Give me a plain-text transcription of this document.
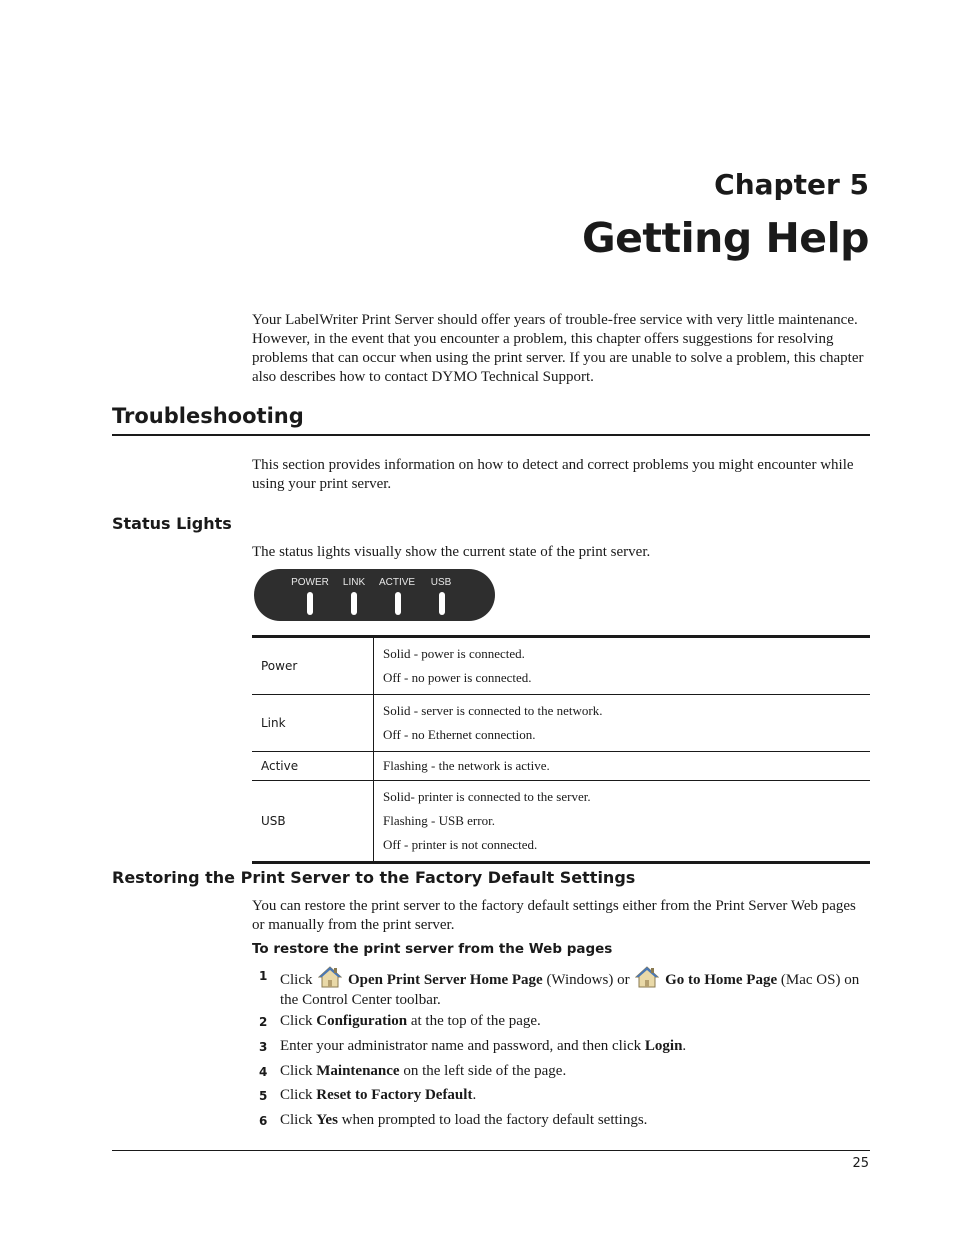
Chapter 5
Getting Help
Your LabelWriter Print Server should offer years of trouble-free service with very little maintenance. However, in the event that you encounter a problem, this chapter offers suggestions for resolving problems that can occur when using the print server. If you are unable to solve a problem, this chapter also describes how to contact DYMO Technical Support.
Troubleshooting
This section provides information on how to detect and correct problems you might encounter while using your print server.
Status Lights
The status lights visually show the current state of the print server.
POWER LINK ACTIVE USB
Power	Solid - power is connected.
Off - no power is connected.

Link	Solid - server is connected to the network.
Off - no Ethernet connection.

Active	Flashing - the network is active.

USB	Solid- printer is connected to the server.
Flashing - USB error.
Off - printer is not connected.
Restoring the Print Server to the Factory Default Settings
You can restore the print server to the factory default settings either from the Print Server Web pages or manually from the print server.
To restore the print server from the Web pages
1 Click Open Print Server Home Page (Windows) or Go to Home Page (Mac OS) on the Control Center toolbar.
2 Click Configuration at the top of the page.
3 Enter your administrator name and password, and then click Login.
4 Click Maintenance on the left side of the page.
5 Click Reset to Factory Default.
6 Click Yes when prompted to load the factory default settings.
25
